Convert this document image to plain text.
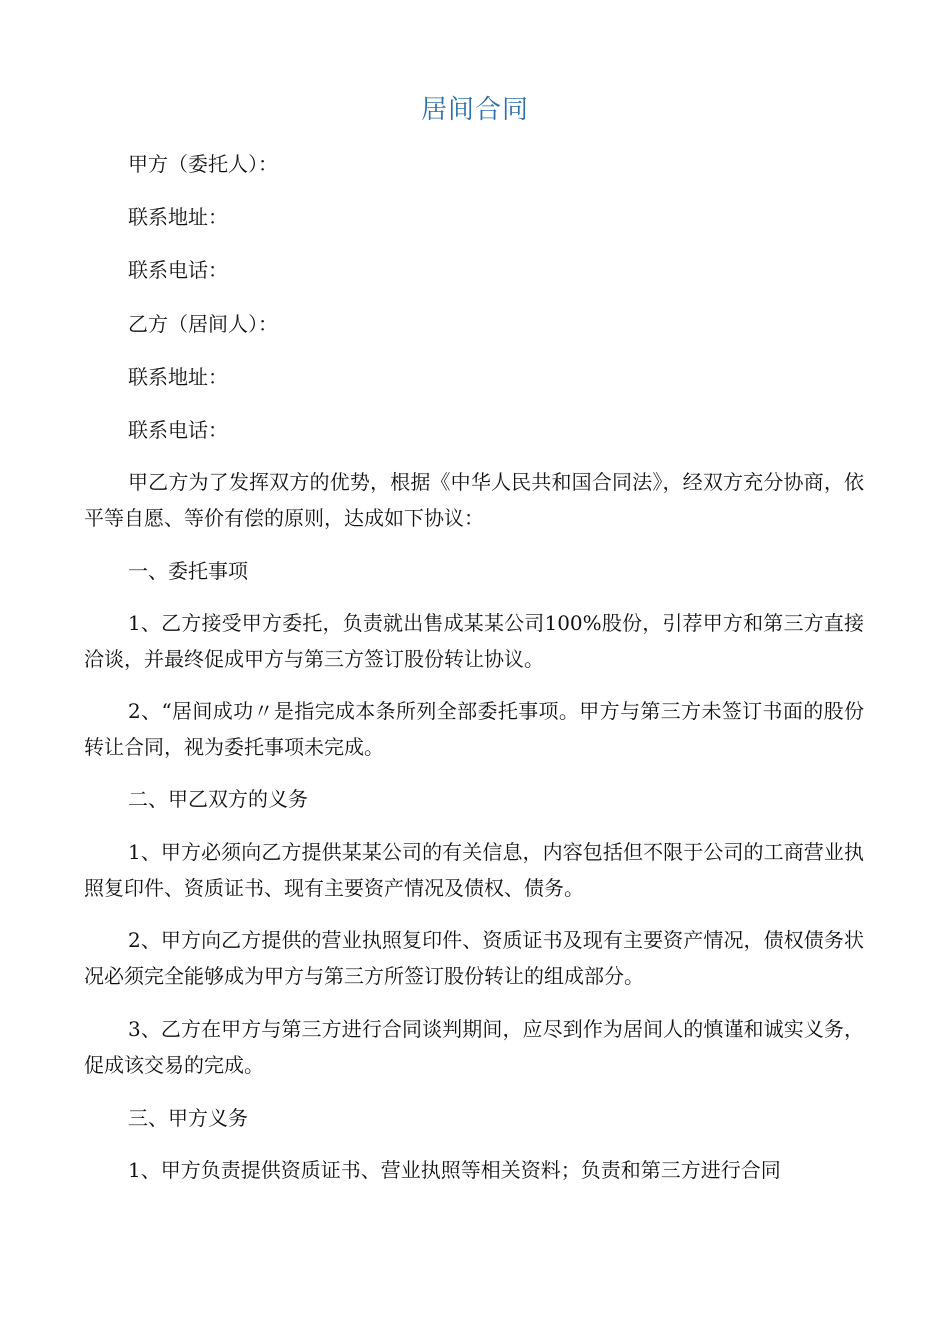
居间合同

甲方（委托人）：

联系地址：

联系电话：

乙方（居间人）：

联系地址：

联系电话：

甲乙方为了发挥双方的优势，根据《中华人民共和国合同法》，经双方充分协商，依平等自愿、等价有偿的原则，达成如下协议：

一、委托事项

1、乙方接受甲方委托，负责就出售成某某公司100%股份，引荐甲方和第三方直接洽谈，并最终促成甲方与第三方签订股份转让协议。

2、“居间成功〃是指完成本条所列全部委托事项。甲方与第三方未签订书面的股份转让合同，视为委托事项未完成。

二、甲乙双方的义务

1、甲方必须向乙方提供某某公司的有关信息，内容包括但不限于公司的工商营业执照复印件、资质证书、现有主要资产情况及债权、债务。

2、甲方向乙方提供的营业执照复印件、资质证书及现有主要资产情况，债权债务状况必须完全能够成为甲方与第三方所签订股份转让的组成部分。

3、乙方在甲方与第三方进行合同谈判期间，应尽到作为居间人的慎谨和诚实义务，促成该交易的完成。

三、甲方义务

1、甲方负责提供资质证书、营业执照等相关资料；负责和第三方进行合同
